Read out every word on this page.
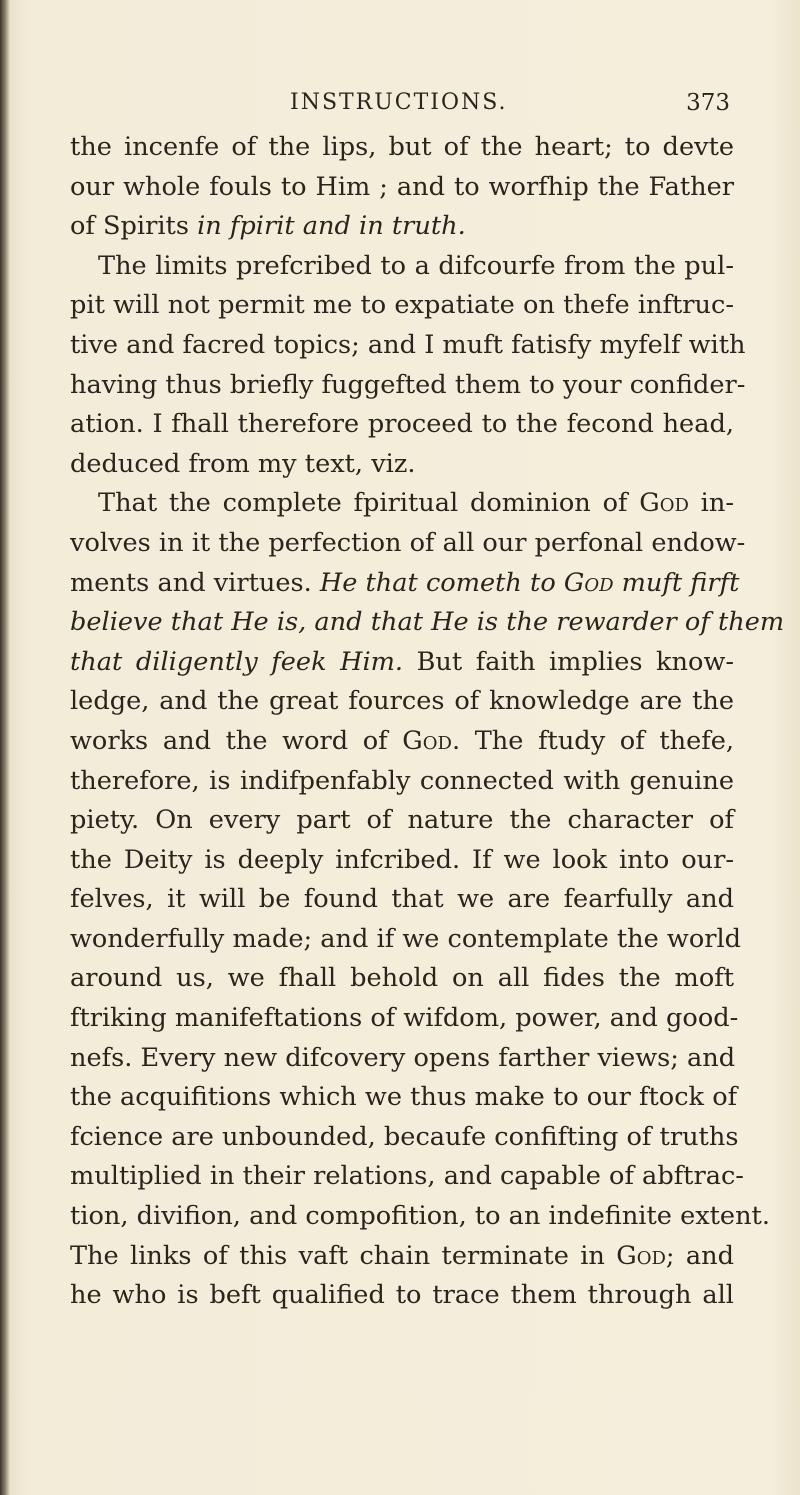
INSTRUCTIONS.	373
the incenfe of the lips, but of the heart; to devte
our whole fouls to Him ; and to worfhip the Father
of Spirits in fpirit and in truth.
The limits prefcribed to a difcourfe from the pul-
pit will not permit me to expatiate on thefe inftruc-
tive and facred topics; and I muft fatisfy myfelf with
having thus briefly fuggefted them to your confider-
ation. I fhall therefore proceed to the fecond head,
deduced from my text, viz.
That the complete fpiritual dominion of God in-
volves in it the perfection of all our perfonal endow-
ments and virtues. He that cometh to God muft firft
believe that He is, and that He is the rewarder of them
that diligently feek Him. But faith implies know-
ledge, and the great fources of knowledge are the
works and the word of God. The ftudy of thefe,
therefore, is indifpenfably connected with genuine
piety. On every part of nature the character of
the Deity is deeply infcribed. If we look into our-
felves, it will be found that we are fearfully and
wonderfully made; and if we contemplate the world
around us, we fhall behold on all fides the moft
ftriking manifeftations of wifdom, power, and good-
nefs. Every new difcovery opens farther views; and
the acquifitions which we thus make to our ftock of
fcience are unbounded, becaufe confifting of truths
multiplied in their relations, and capable of abftrac-
tion, divifion, and compofition, to an indefinite extent.
The links of this vaft chain terminate in God; and
he who is beft qualified to trace them through all
